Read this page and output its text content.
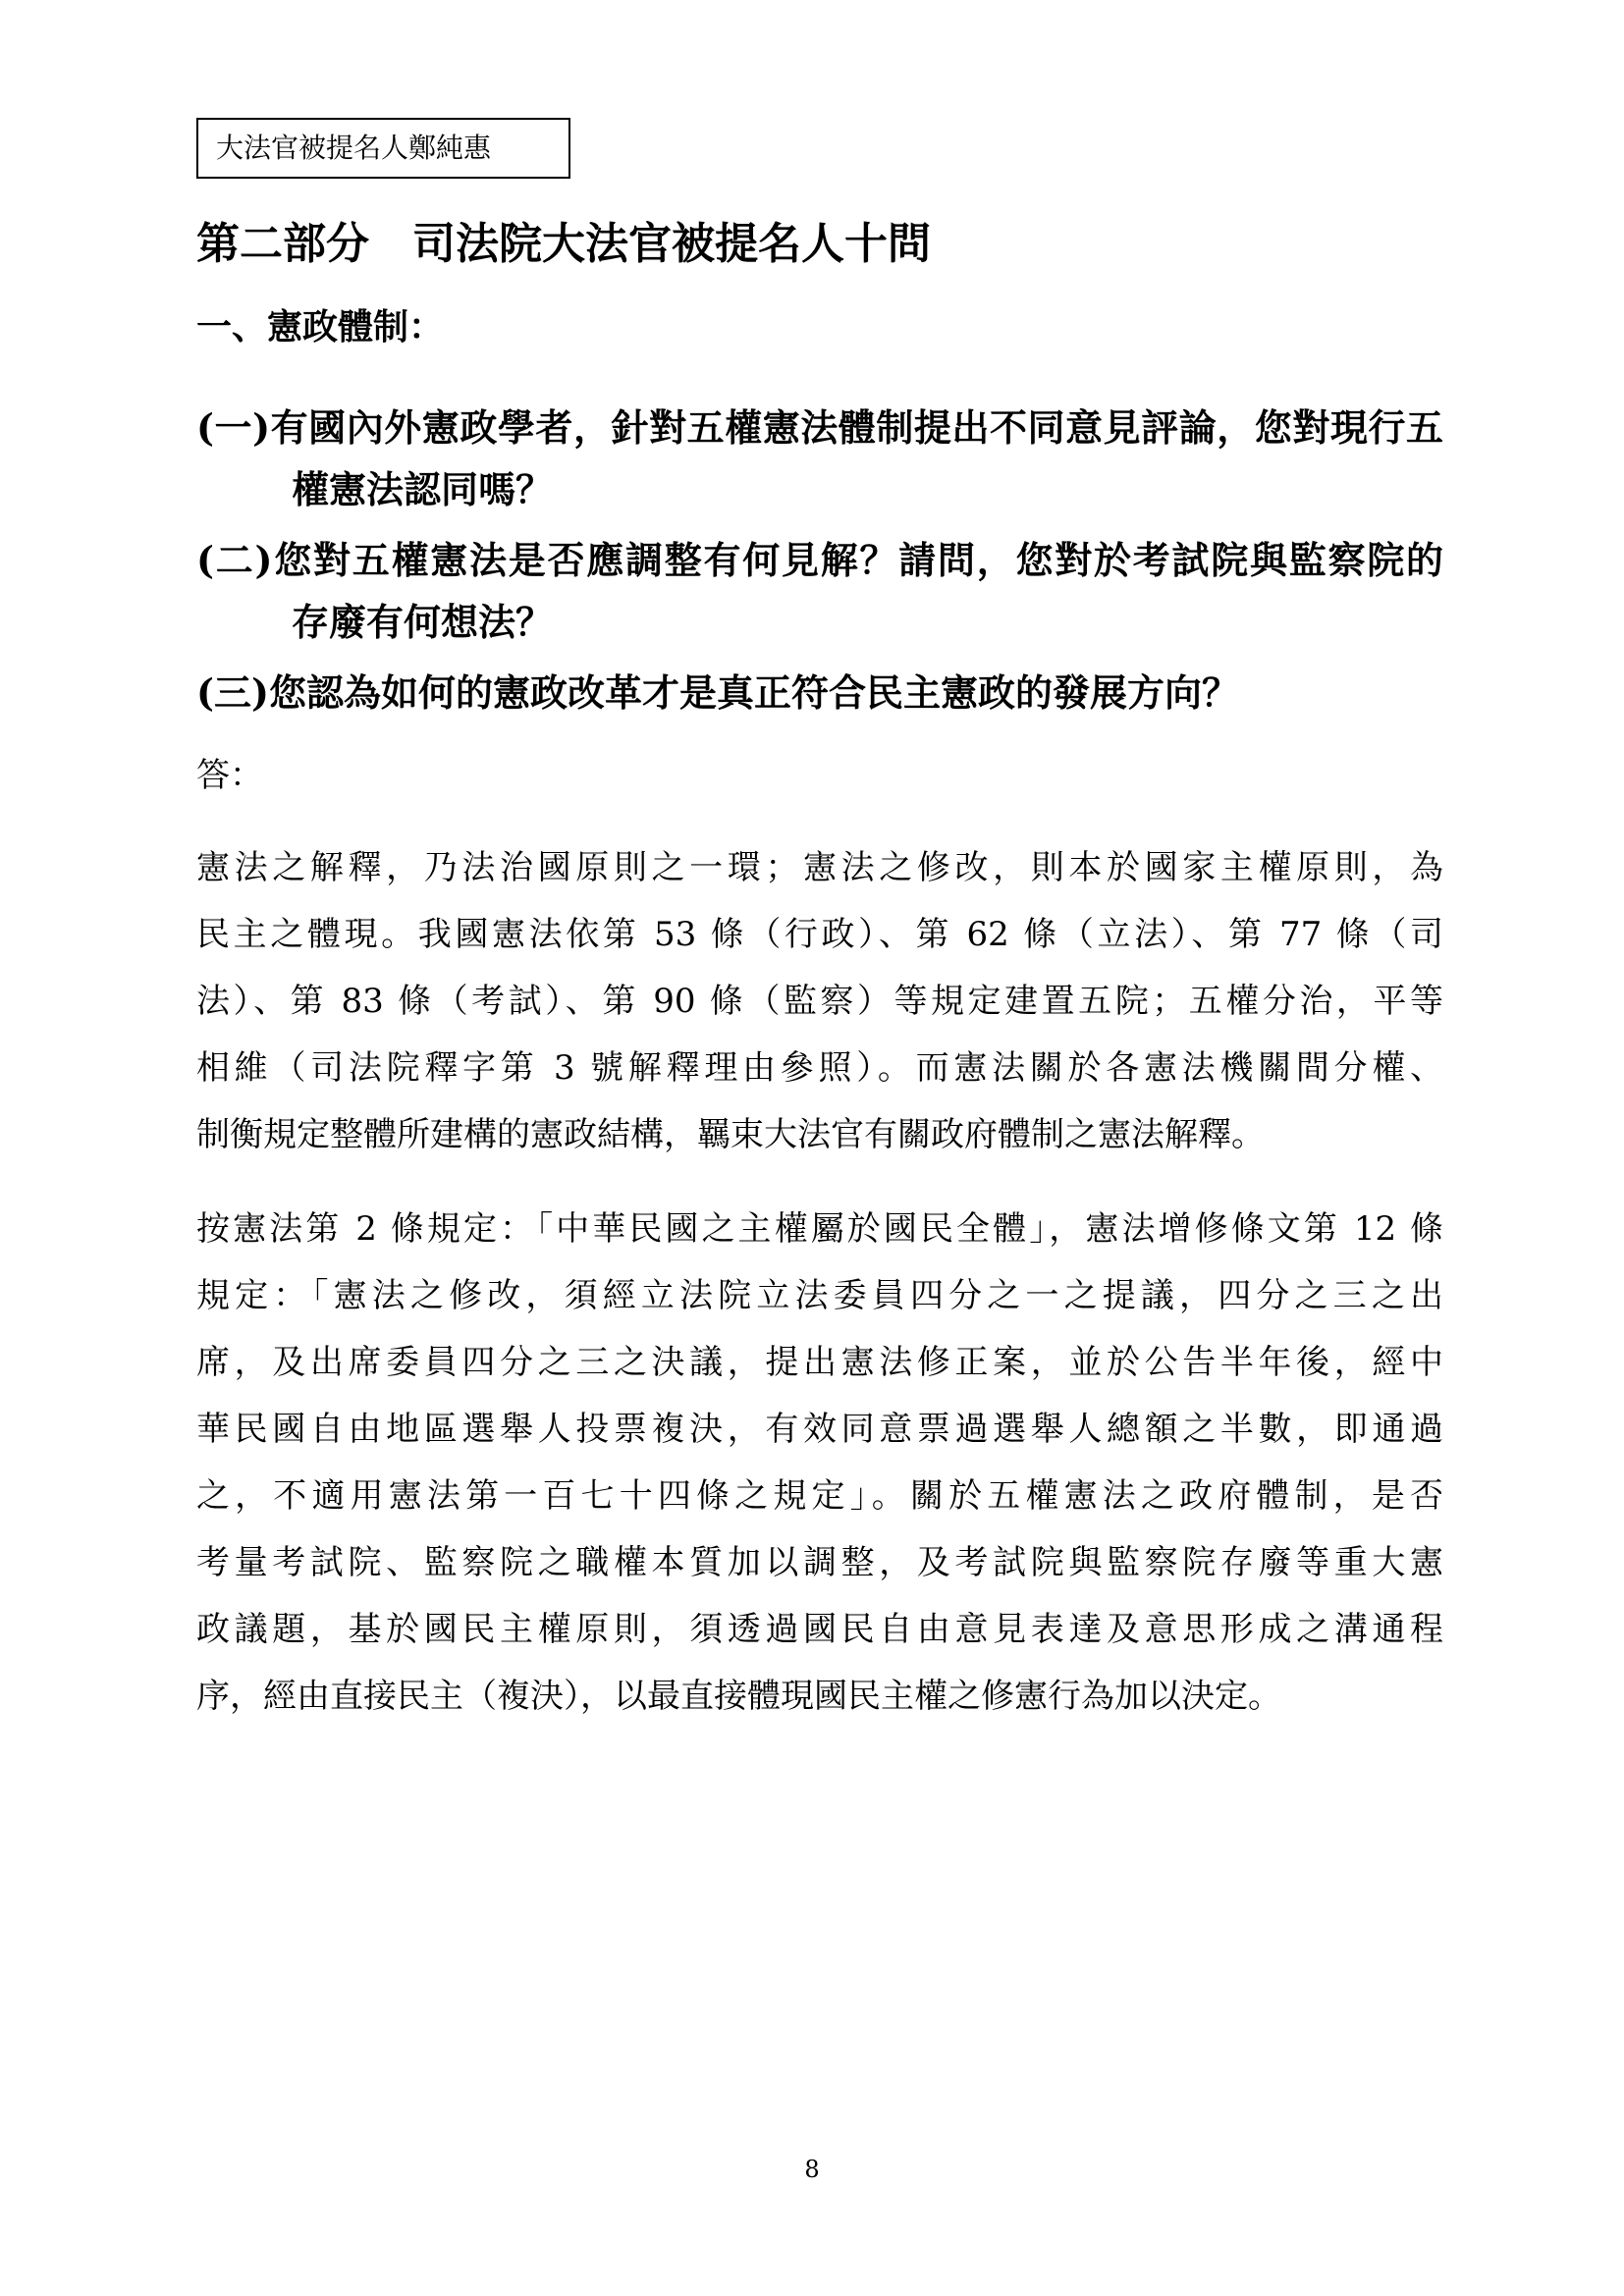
大法官被提名人鄭純惠
第二部分　司法院大法官被提名人十問
一、憲政體制：
(一)有國內外憲政學者，針對五權憲法體制提出不同意見評論，您對現行五
權憲法認同嗎？
(二)您對五權憲法是否應調整有何見解？請問，您對於考試院與監察院的
存廢有何想法？
(三)您認為如何的憲政改革才是真正符合民主憲政的發展方向？
答：
憲法之解釋，乃法治國原則之一環；憲法之修改，則本於國家主權原則，為
民主之體現。我國憲法依第 53 條（行政）、第 62 條（立法）、第 77 條（司
法）、第 83 條（考試）、第 90 條（監察）等規定建置五院；五權分治，平等
相維（司法院釋字第 3 號解釋理由參照）。而憲法關於各憲法機關間分權、
制衡規定整體所建構的憲政結構，羈束大法官有關政府體制之憲法解釋。
按憲法第 2 條規定：「中華民國之主權屬於國民全體」，憲法增修條文第 12 條
規定：「憲法之修改，須經立法院立法委員四分之一之提議，四分之三之出
席，及出席委員四分之三之決議，提出憲法修正案，並於公告半年後，經中
華民國自由地區選舉人投票複決，有效同意票過選舉人總額之半數，即通過
之，不適用憲法第一百七十四條之規定」。關於五權憲法之政府體制，是否
考量考試院、監察院之職權本質加以調整，及考試院與監察院存廢等重大憲
政議題，基於國民主權原則，須透過國民自由意見表達及意思形成之溝通程
序，經由直接民主（複決），以最直接體現國民主權之修憲行為加以決定。
8
